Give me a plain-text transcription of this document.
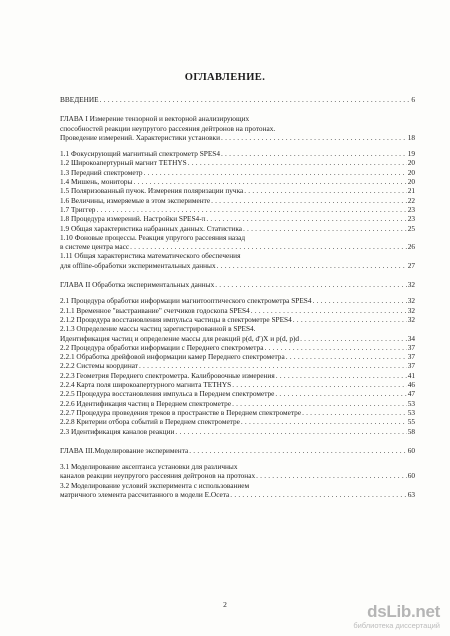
ОГЛАВЛЕНИЕ.
ВВЕДЕНИЕ . . .	6
ГЛАВА I Измерение тензорной и векторной анализирующих
способностей реакции неупругого рассеяния дейтронов на протонах.
Проведение измерений. Характеристики установки . . .	18
1.1 Фокусирующий магнитный спектрометр SPES4 . . .	19
1.2 Широкоапертурный магнит TETHYS . . .	20
1.3 Передний спектрометр . . .	20
1.4 Мишень, мониторы . . .	20
1.5 Поляризованный пучок. Измерения поляризации пучка . . .	21
1.6 Величины, измеряемые в этом эксперименте . . .	22
1.7 Триггер . . .	23
1.8 Процедура измерений. Настройки SPES4-π . . .	23
1.9 Общая характеристика набранных данных. Статистика . . .	25
1.10 Фоновые процессы. Реакция упругого рассеяния назад
в системе центра масс . . .	26
1.11 Общая характеристика математического обеспечения
для offline-обработки экспериментальных данных . . .	27
ГЛАВА II Обработка экспериментальных данных . . .	32
2.1 Процедура обработки информации магнитооптического спектрометра SPES4 . . .	32
2.1.1 Временное "выстраивание" счетчиков годоскопа SPES4 . . .	32
2.1.2 Процедура восстановления импульса частицы в спектрометре SPES4 . . .	32
2.1.3 Определение массы частиц зарегистрированной в SPES4.
Идентификация частиц и определение массы для реакций p(d, d′)X и p(d, p)d . . .	34
2.2 Процедура обработки информации с Переднего спектрометра . . .	37
2.2.1 Обработка дрейфовой информации камер Переднего спектрометра . . .	37
2.2.2 Системы координат . . .	37
2.2.3 Геометрия Переднего спектрометра. Калибровочные измерения . . .	41
2.2.4 Карта поля широкоапертурного магнита TETHYS . . .	46
2.2.5 Процедура восстановления импульса в Переднем спектрометре . . .	47
2.2.6 Идентификация частиц в Переднем спектрометре . . .	53
2.2.7 Процедура проведения треков в пространстве в Переднем спектрометре . . .	53
2.2.8 Критерии отбора событий в Переднем спектрометре . . .	55
2.3 Идентификация каналов реакции . . .	58
ГЛАВА III.Моделирование эксперимента . . .	60
3.1 Моделирование аксептанса установки для различных
каналов реакции неупругого рассеяния дейтронов на протонах . . .	60
3.2 Моделирование условий эксперимента с использованием
матричного элемента рассчитанного в модели Е.Осета . . .	63
2	dsLib.net
библиотека диссертаций
